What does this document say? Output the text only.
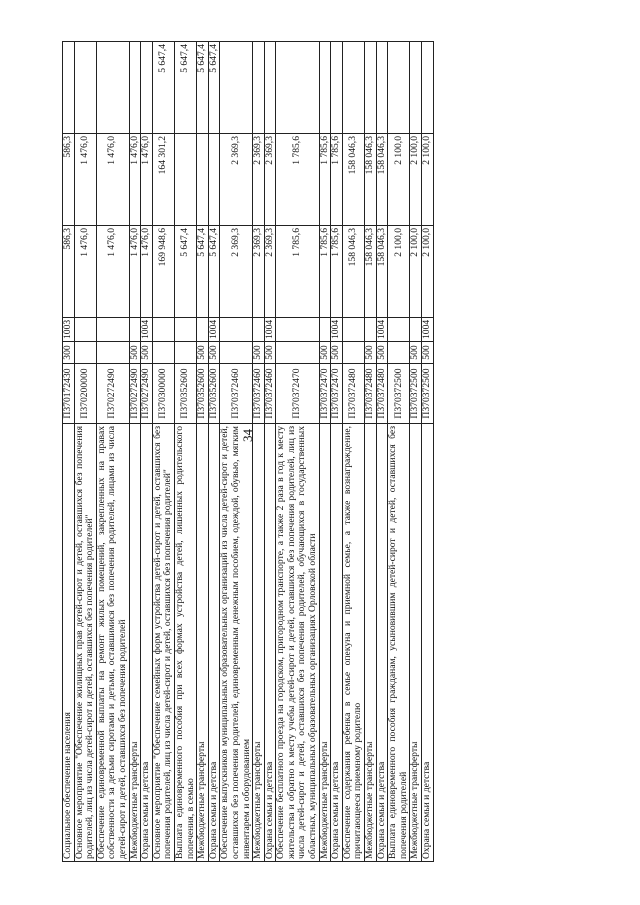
34
Социальное обеспечение населения	П370172430	300	1003	586,3	586,3	
Основное мероприятие "Обеспечение жилищных прав детей-сирот и детей, оставшихся без попечения родителей, лиц из числа детей-сирот и детей, оставшихся без попечения родителей"	П370200000			1 476,0	1 476,0	
Обеспечение единовременной выплаты на ремонт жилых помещений, закрепленных на правах собственности за детьми сиротами и детьми, оставшимися без попечения родителей, лицами из числа детей-сирот и детей, оставшихся без попечения родителей	П370272490			1 476,0	1 476,0	
Межбюджетные трансферты	П370272490	500		1 476,0	1 476,0	
Охрана семьи и детства	П370272490	500	1004	1 476,0	1 476,0	
Основное мероприятие "Обеспечение семейных форм устройства детей-сирот и детей, оставшихся без попечения родителей, лиц из числа детей-сирот и детей, оставшихся без попечения родителей"	П370300000			169 948,6	164 301,2	5 647,4
Выплата единовременного пособия при всех формах устройства детей, лишенных родительского попечения, в семью	П370352600			5 647,4		5 647,4
Межбюджетные трансферты	П370352600	500		5 647,4		5 647,4
Охрана семьи и детства	П370352600	500	1004	5 647,4		5 647,4
Обеспечение выпускников муниципальных образовательных организаций из числа детей-сирот и детей, оставшихся без попечения родителей, единовременным денежным пособием, одеждой, обувью, мягким инвентарем и оборудованием	П370372460			2 369,3	2 369,3	
Межбюджетные трансферты	П370372460	500		2 369,3	2 369,3	
Охрана семьи и детства	П370372460	500	1004	2 369,3	2 369,3	
Обеспечение бесплатного проезда на городском, пригородном транспорте, а также 2 раза в год к месту жительства и обратно к месту учебы детей-сирот и детей, оставшихся без попечения родителей, лиц из числа детей-сирот и детей, оставшихся без попечения родителей, обучающихся в государственных областных, муниципальных образовательных организациях Орловской области	П370372470			1 785,6	1 785,6	
Межбюджетные трансферты	П370372470	500		1 785,6	1 785,6	
Охрана семьи и детства	П370372470	500	1004	1 785,6	1 785,6	
Обеспечение содержания ребенка в семье опекуна и приемной семье, а также вознаграждение, причитающееся приемному родителю	П370372480			158 046,3	158 046,3	
Межбюджетные трансферты	П370372480	500		158 046,3	158 046,3	
Охрана семьи и детства	П370372480	500	1004	158 046,3	158 046,3	
Выплата единовременного пособия гражданам, усыновившим детей-сирот и детей, оставшихся без попечения родителей	П370372500			2 100,0	2 100,0	
Межбюджетные трансферты	П370372500	500		2 100,0	2 100,0	
Охрана семьи и детства	П370372500	500	1004	2 100,0	2 100,0	
